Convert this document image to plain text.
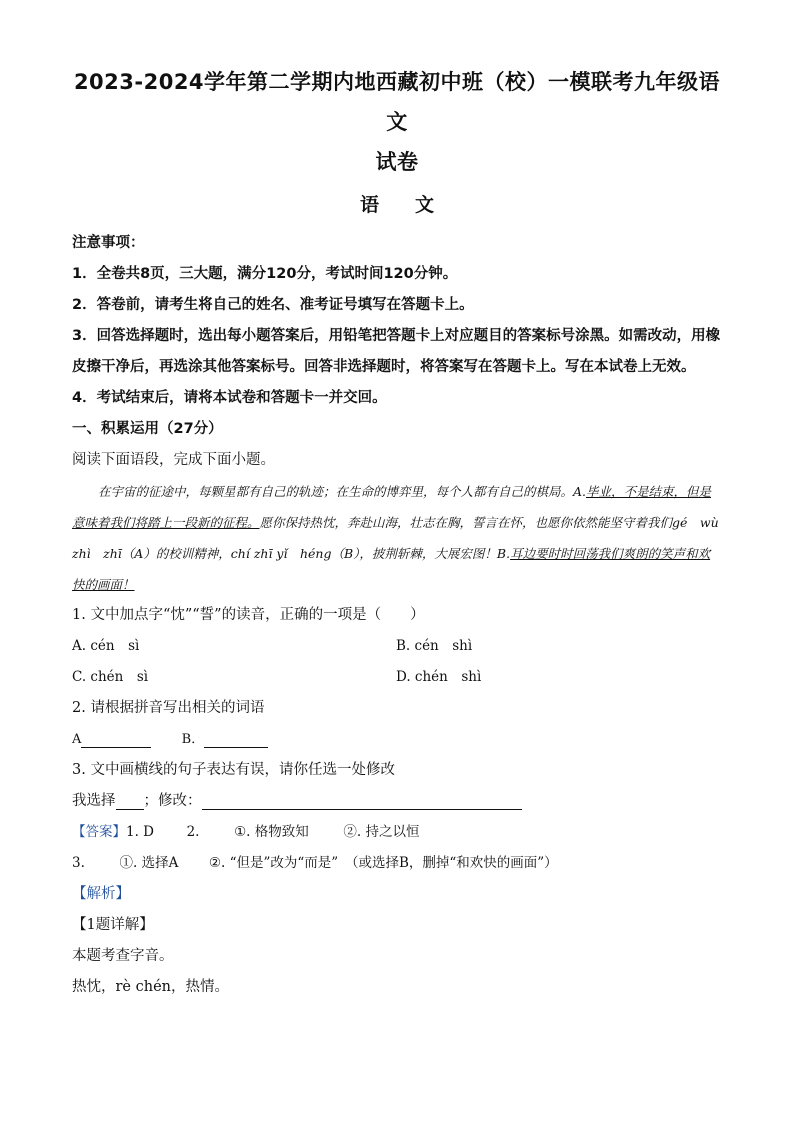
2023-2024学年第二学期内地西藏初中班（校）一模联考九年级语文
试卷
语 文
注意事项：
1．全卷共8页，三大题，满分120分，考试时间120分钟。
2．答卷前，请考生将自己的姓名、准考证号填写在答题卡上。
3．回答选择题时，选出每小题答案后，用铅笔把答题卡上对应题目的答案标号涂黑。如需改动，用橡皮擦干净后，再选涂其他答案标号。回答非选择题时，将答案写在答题卡上。写在本试卷上无效。
4．考试结束后，请将本试卷和答题卡一并交回。
一、积累运用（27分）
阅读下面语段，完成下面小题。
在宇宙的征途中，每颗星都有自己的轨迹；在生命的博弈里，每个人都有自己的棋局。A.毕业，不是结束，但是意味着我们将踏上一段新的征程。愿你保持热忱，奔赴山海，壮志在胸，誓言在怀，也愿你依然能坚守着我们gé　wù　zhì　zhī（A）的校训精神，chí zhī yǐ　héng（B），披荆斩棘，大展宏图！B.耳边要时时回荡我们爽朗的笑声和欢快的画面！
1. 文中加点字“忱”“誓”的读音，正确的一项是（　　）
A. cén　sì	B. cén　shì
C. chén　sì	D. chén　shì
2. 请根据拼音写出相关的词语
A	B．
3. 文中画横线的句子表达有误，请你任选一处修改
我选择 ；修改：
【答案】1. D 2.	①. 格物致知	②. 持之以恒
3.	①. 选择A ②. “但是”改为“而是”　（或选择B，删掉“和欢快的画面”）
【解析】
【1题详解】
本题考查字音。
热忱，rè chén，热情。
